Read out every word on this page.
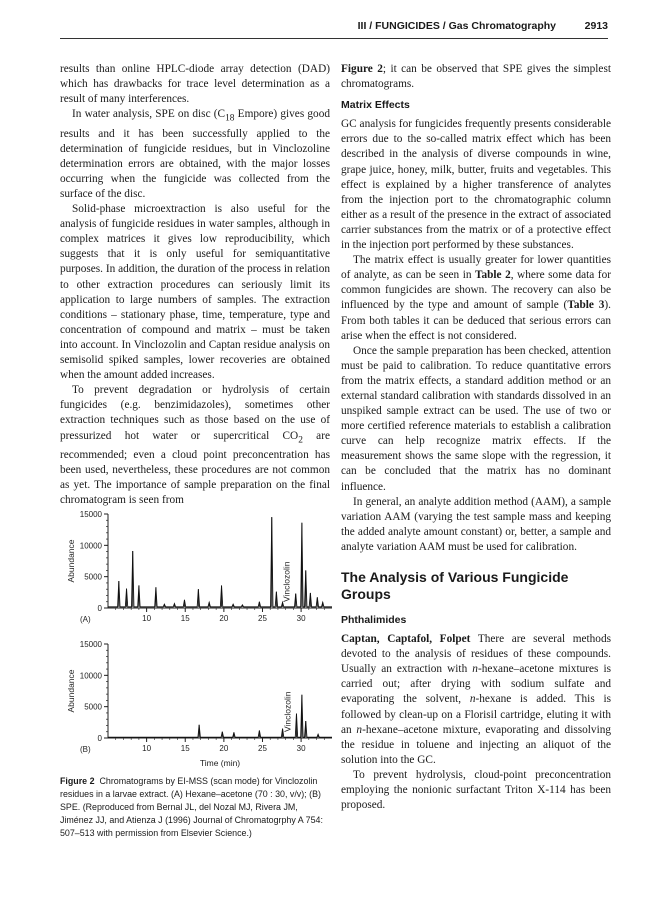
III / FUNGICIDES / Gas Chromatography	2913

results than online HPLC-diode array detection (DAD) which has drawbacks for trace level determination as a result of many interferences.

In water analysis, SPE on disc ($C_{18}$ Empore) gives good results and it has been successfully applied to the determination of fungicide residues, but in Vinclozoline determination errors are obtained, with the major losses occurring when the fungicide was collected from the surface of the disc.

Solid-phase microextraction is also useful for the analysis of fungicide residues in water samples, although in complex matrices it gives low reproducibility, which suggests that it is only useful for semiquantitative purposes. In addition, the duration of the process in relation to other extraction procedures can seriously limit its application to large numbers of samples. The extraction conditions – stationary phase, time, temperature, type and concentration of compound and matrix – must be taken into account. In Vinclozolin and Captan residue analysis on semisolid spiked samples, lower recoveries are obtained when the amount added increases.

To prevent degradation or hydrolysis of certain fungicides (e.g. benzimidazoles), sometimes other extraction techniques such as those based on the use of pressurized hot water or supercritical $CO_2$ are recommended; even a cloud point preconcentration has been used, nevertheless, these procedures are not common as yet. The importance of sample preparation on the final chromatogram is seen from

0
5000
10000
15000
10	15	20	25	30
Abundance
(A)
Vinclozolin
0
5000
10000
15000
10	15	20	25	30
Abundance
(B)
Vinclozolin
Time (min)
Figure 2 Chromatograms by EI-MSS (scan mode) for Vinclozolin residues in a larvae extract. (A) Hexane–acetone (70 : 30, v/v); (B) SPE. (Reproduced from Bernal JL, del Nozal MJ, Rivera JM, Jiménez JJ, and Atienza J (1996) Journal of Chromatogrphy A 754: 507–513 with permission from Elsevier Science.)

Figure 2; it can be observed that SPE gives the simplest chromatograms.

Matrix Effects

GC analysis for fungicides frequently presents considerable errors due to the so-called matrix effect which has been described in the analysis of diverse compounds in wine, grape juice, honey, milk, butter, fruits and vegetables. This effect is explained by a higher transference of analytes from the injection port to the chromatographic column either as a result of the presence in the extract of associated carrier substances from the matrix or of a protective effect in the injection port performed by these substances.

The matrix effect is usually greater for lower quantities of analyte, as can be seen in Table 2, where some data for common fungicides are shown. The recovery can also be influenced by the type and amount of sample (Table 3). From both tables it can be deduced that serious errors can arise when the effect is not considered.

Once the sample preparation has been checked, attention must be paid to calibration. To reduce quantitative errors from the matrix effects, a standard addition method or an external standard calibration with standards dissolved in an unspiked sample extract can be used. The use of two or more certified reference materials to establish a calibration curve can help recognize matrix effects. If the measurement shows the same slope with the regression, it can be concluded that the matrix has no dominant influence.

In general, an analyte addition method (AAM), a sample variation AAM (varying the test sample mass and keeping the added analyte amount constant) or, better, a sample and analyte variation AAM must be used for calibration.

The Analysis of Various Fungicide Groups
Phthalimides

Captan, Captafol, Folpet There are several methods devoted to the analysis of residues of these compounds. Usually an extraction with n-hexane–acetone mixtures is carried out; after drying with sodium sulfate and evaporating the solvent, n-hexane is added. This is followed by clean-up on a Florisil cartridge, eluting it with an n-hexane–acetone mixture, evaporating and dissolving the residue in toluene and injecting an aliquot of the solution into the GC.

To prevent hydrolysis, cloud-point preconcentration employing the nonionic surfactant Triton X-114 has been proposed.
